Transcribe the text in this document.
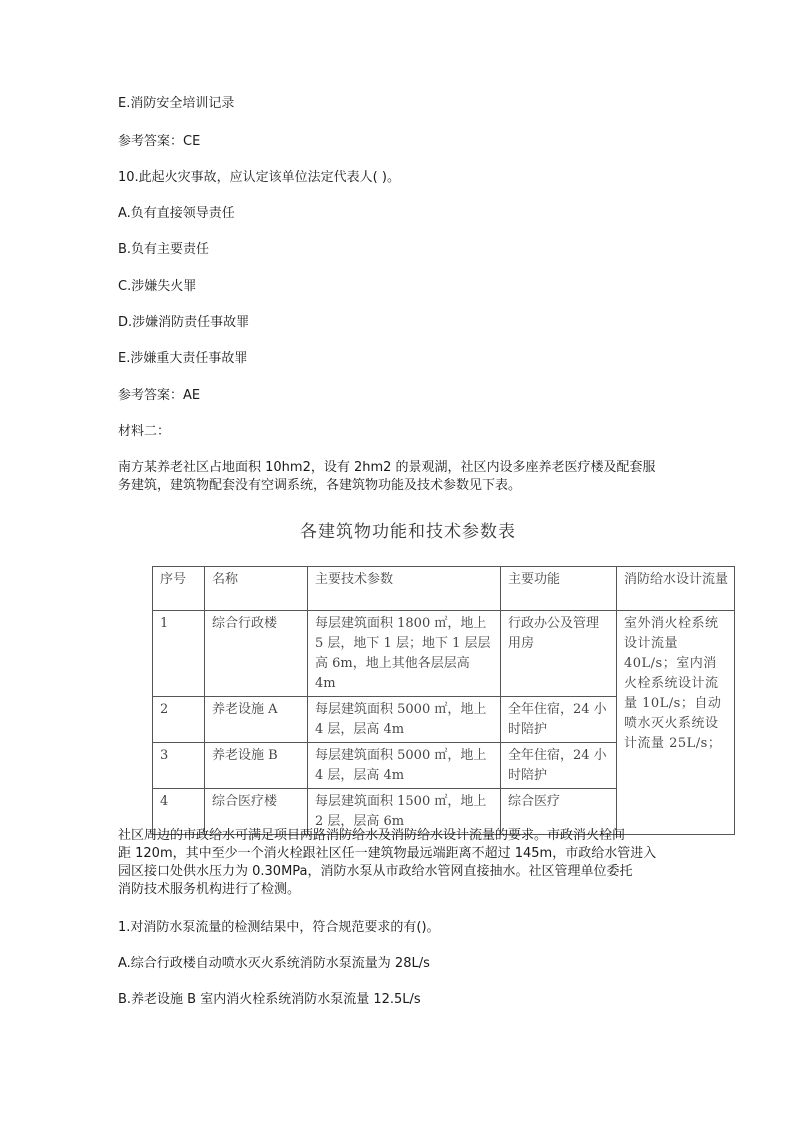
E.消防安全培训记录
参考答案：CE
10.此起火灾事故，应认定该单位法定代表人( )。
A.负有直接领导责任
B.负有主要责任
C.涉嫌失火罪
D.涉嫌消防责任事故罪
E.涉嫌重大责任事故罪
参考答案：AE
材料二：
南方某养老社区占地面积 10hm2，设有 2hm2 的景观湖，社区内设多座养老医疗楼及配套服
务建筑，建筑物配套没有空调系统，各建筑物功能及技术参数见下表。
各建筑物功能和技术参数表
序号	名称	主要技术参数	主要功能	消防给水设计流量
1	综合行政楼	每层建筑面积 1800 ㎡，地上 5 层，地下 1 层；地下 1 层层高 6m，地上其他各层层高 4m	行政办公及管理用房	室外消火栓系统设计流量 40L/s；室内消火栓系统设计流量 10L/s；自动喷水灭火系统设计流量 25L/s；
2	养老设施 A	每层建筑面积 5000 ㎡，地上 4 层，层高 4m	全年住宿，24 小时陪护	
3	养老设施 B	每层建筑面积 5000 ㎡，地上 4 层，层高 4m	全年住宿，24 小时陪护	
4	综合医疗楼	每层建筑面积 1500 ㎡，地上 2 层，层高 6m	综合医疗	
社区周边的市政给水可满足项目两路消防给水及消防给水设计流量的要求。市政消火栓间
距 120m，其中至少一个消火栓跟社区任一建筑物最远端距离不超过 145m，市政给水管进入
园区接口处供水压力为 0.30MPa，消防水泵从市政给水管网直接抽水。社区管理单位委托
消防技术服务机构进行了检测。
1.对消防水泵流量的检测结果中，符合规范要求的有()。
A.综合行政楼自动喷水灭火系统消防水泵流量为 28L/s
B.养老设施 B 室内消火栓系统消防水泵流量 12.5L/s
